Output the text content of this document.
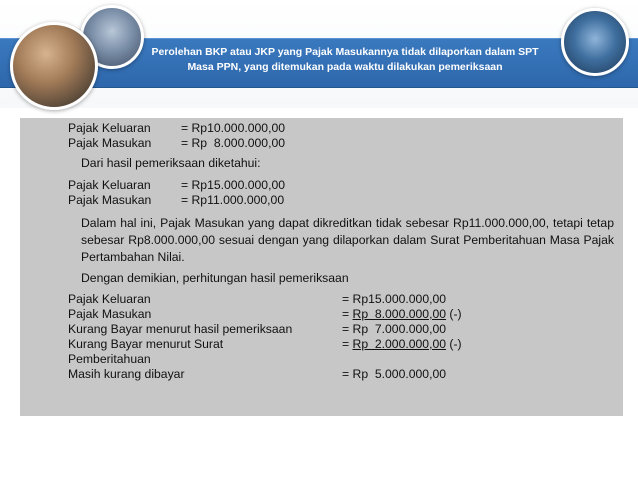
Perolehan BKP atau JKP yang Pajak Masukannya tidak dilaporkan dalam SPT
Masa PPN, yang ditemukan pada waktu dilakukan pemeriksaan
Pajak Keluaran	= Rp10.000.000,00
Pajak Masukan	= Rp  8.000.000,00
Dari hasil pemeriksaan diketahui:
Pajak Keluaran	= Rp15.000.000,00
Pajak Masukan	= Rp11.000.000,00
Dalam hal ini, Pajak Masukan yang dapat dikreditkan tidak sebesar Rp11.000.000,00, tetapi tetap sebesar Rp8.000.000,00 sesuai dengan yang dilaporkan dalam Surat Pemberitahuan Masa Pajak Pertambahan Nilai.
Dengan demikian, perhitungan hasil pemeriksaan
Pajak Keluaran	= Rp15.000.000,00
Pajak Masukan	= Rp  8.000.000,00 (-)
Kurang Bayar menurut hasil pemeriksaan	= Rp  7.000.000,00
Kurang Bayar menurut Surat	= Rp  2.000.000,00 (-)
Pemberitahuan
Masih kurang dibayar	= Rp  5.000.000,00
